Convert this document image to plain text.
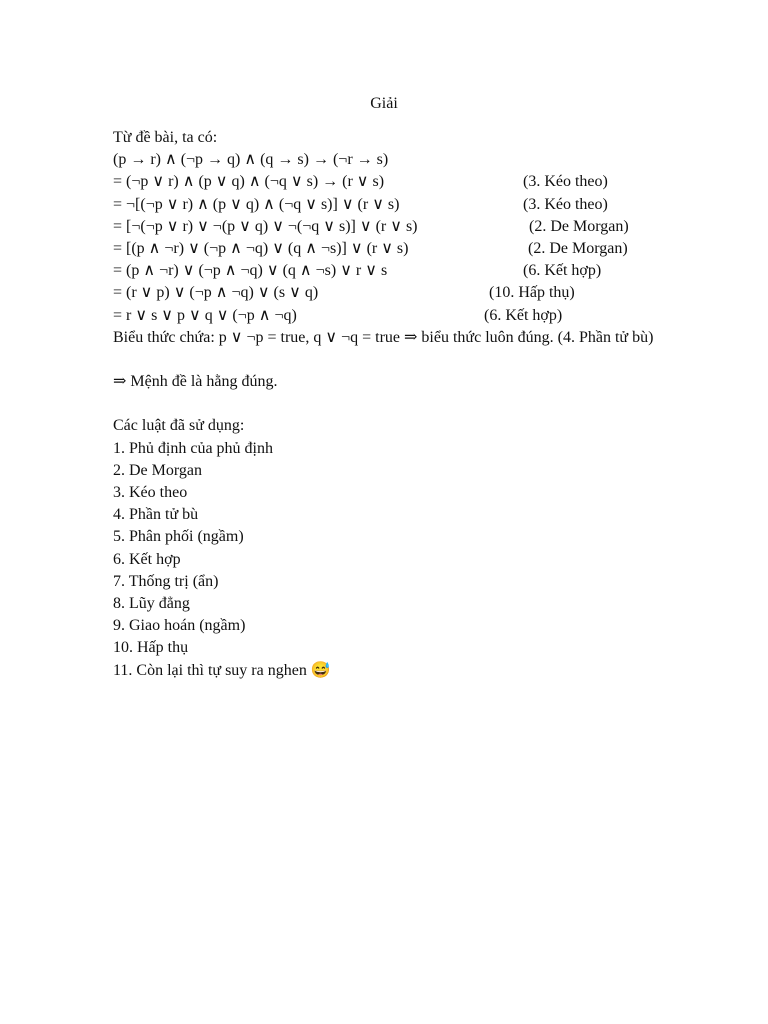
Giải
Từ đề bài, ta có:
(p → r) ∧ (¬p → q) ∧ (q → s) → (¬r → s)
= (¬p ∨ r) ∧ (p ∨ q) ∧ (¬q ∨ s) → (r ∨ s)	(3. Kéo theo)
= ¬[(¬p ∨ r) ∧ (p ∨ q) ∧ (¬q ∨ s)] ∨ (r ∨ s)	(3. Kéo theo)
= [¬(¬p ∨ r) ∨ ¬(p ∨ q) ∨ ¬(¬q ∨ s)] ∨ (r ∨ s)	(2. De Morgan)
= [(p ∧ ¬r) ∨ (¬p ∧ ¬q) ∨ (q ∧ ¬s)] ∨ (r ∨ s)	(2. De Morgan)
= (p ∧ ¬r) ∨ (¬p ∧ ¬q) ∨ (q ∧ ¬s) ∨ r ∨ s	(6. Kết hợp)
= (r ∨ p) ∨ (¬p ∧ ¬q) ∨ (s ∨ q)	(10. Hấp thụ)
= r ∨ s ∨ p ∨ q ∨ (¬p ∧ ¬q)	(6. Kết hợp)
Biểu thức chứa: p ∨ ¬p = true, q ∨ ¬q = true ⇒ biểu thức luôn đúng. (4. Phần tử bù)
⇒ Mệnh đề là hằng đúng.
Các luật đã sử dụng:
1. Phủ định của phủ định
2. De Morgan
3. Kéo theo
4. Phần tử bù
5. Phân phối (ngầm)
6. Kết hợp
7. Thống trị (ẩn)
8. Lũy đẳng
9. Giao hoán (ngầm)
10. Hấp thụ
11. Còn lại thì tự suy ra nghen 😅
